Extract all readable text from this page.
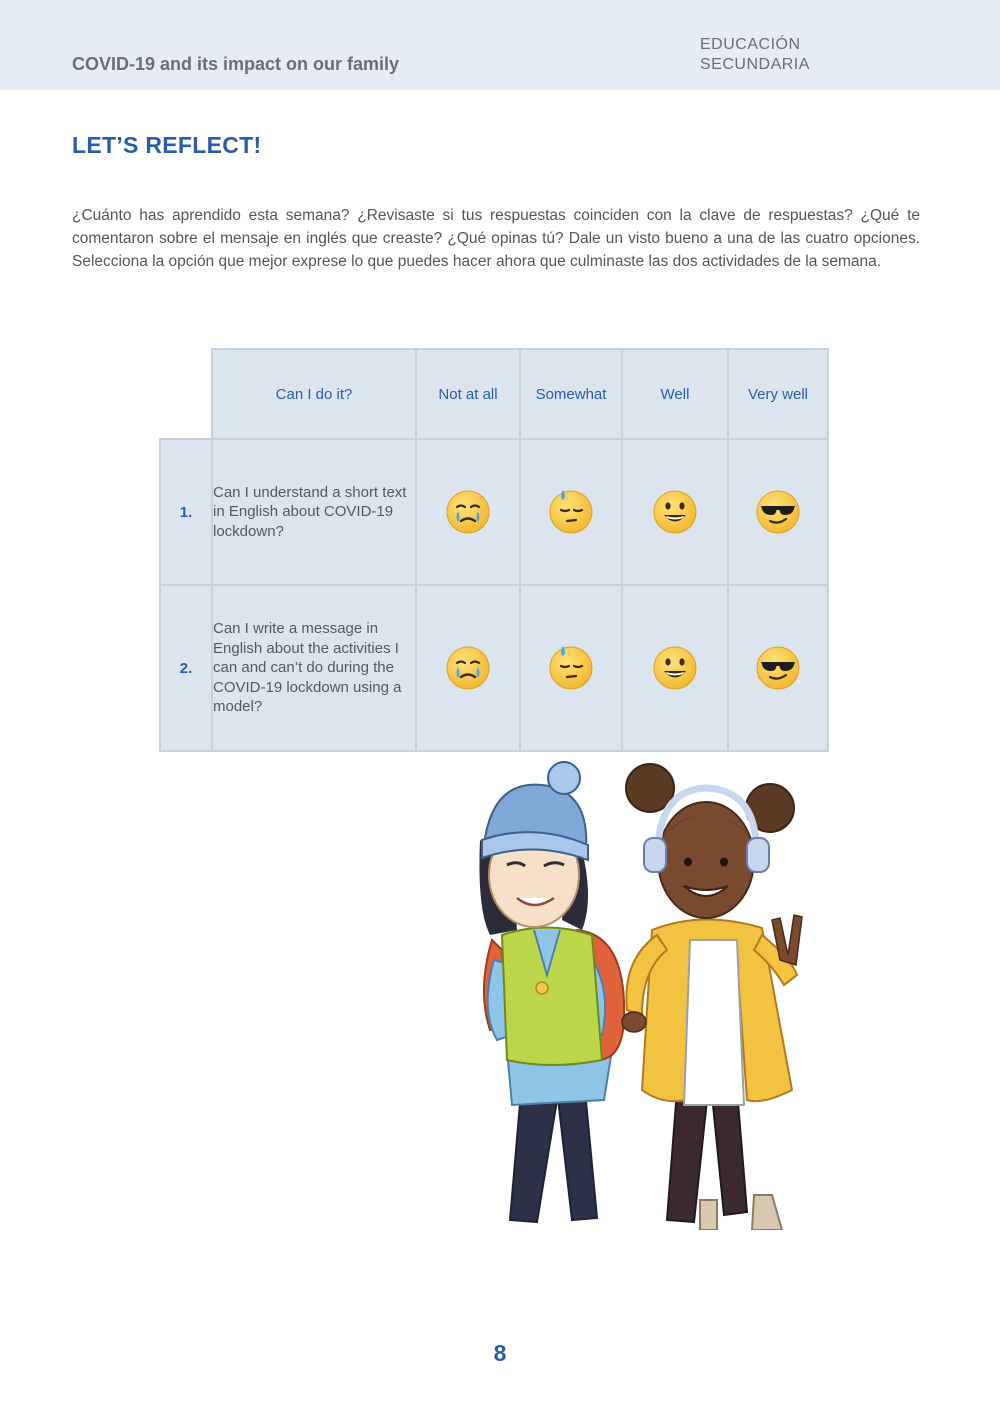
COVID-19 and its impact on our family
EDUCACIÓN
SECUNDARIA
LET’S REFLECT!

¿Cuánto has aprendido esta semana? ¿Revisaste si tus respuestas coinciden con la clave de respuestas? ¿Qué te comentaron sobre el mensaje en inglés que creaste? ¿Qué opinas tú? Dale un visto bueno a una de las cuatro opciones. Selecciona la opción que mejor exprese lo que puedes hacer ahora que culminaste las dos actividades de la semana.

	Can I do it?	Not at all	Somewhat	Well	Very well
1.	Can I understand a short text in English about COVID-19 lockdown?	

2.	Can I write a message in English about the activities I can and can’t do during the COVID-19 lockdown using a model?	

8
